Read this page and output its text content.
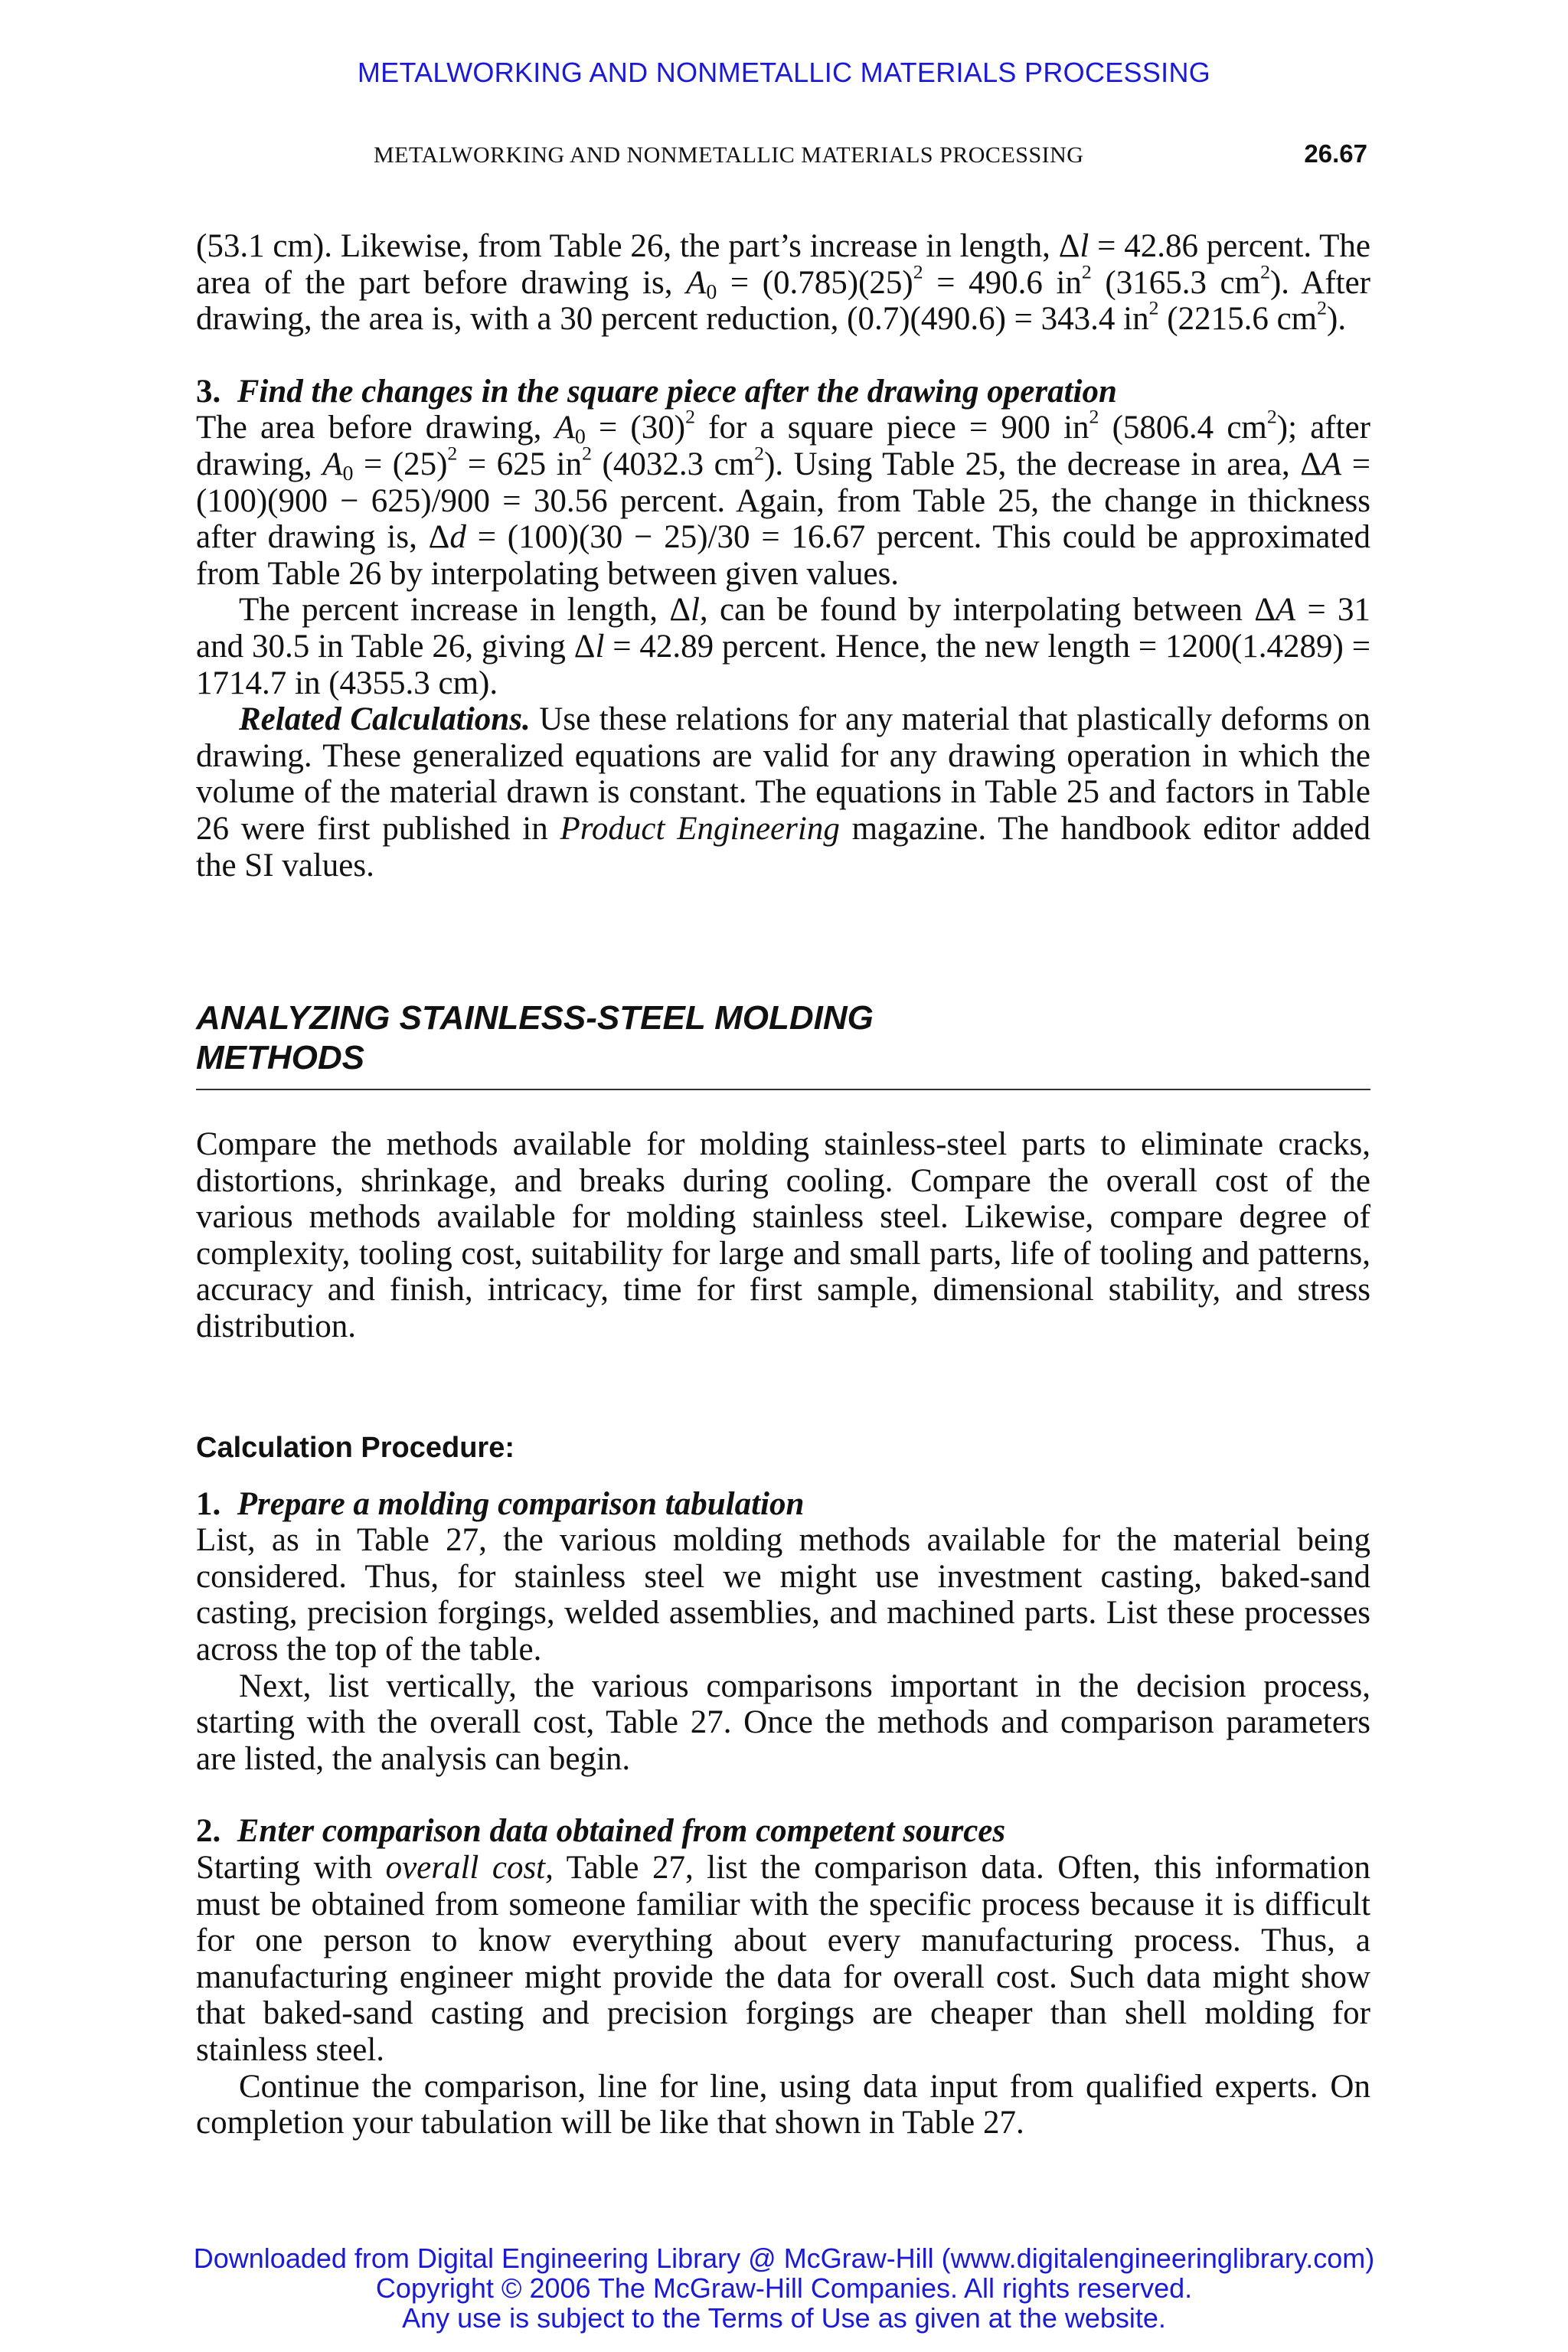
METALWORKING AND NONMETALLIC MATERIALS PROCESSING
METALWORKING AND NONMETALLIC MATERIALS PROCESSING	26.67

(53.1 cm). Likewise, from Table 26, the part’s increase in length, Δl = 42.86 percent. The area of the part before drawing is, $A_0 = (0.785)(25)^2 = 490.6$ $in^2$ (3165.3 $cm^2$). After drawing, the area is, with a 30 percent reduction, (0.7)(490.6) = 343.4 $in^2$ (2215.6 $cm^2$).

3. Find the changes in the square piece after the drawing operation

The area before drawing, $A_0 = (30)^2$ for a square piece = 900 $in^2$ (5806.4 $cm^2$); after drawing, $A_0 = (25)^2 = 625$ $in^2$ (4032.3 $cm^2$). Using Table 25, the decrease in area, ΔA = (100)(900 − 625)/900 = 30.56 percent. Again, from Table 25, the change in thickness after drawing is, Δd = (100)(30 − 25)/30 = 16.67 percent. This could be approximated from Table 26 by interpolating between given values.

The percent increase in length, Δl, can be found by interpolating between ΔA = 31 and 30.5 in Table 26, giving Δl = 42.89 percent. Hence, the new length = 1200(1.4289) = 1714.7 in (4355.3 cm).

Related Calculations. Use these relations for any material that plastically deforms on drawing. These generalized equations are valid for any drawing operation in which the volume of the material drawn is constant. The equations in Table 25 and factors in Table 26 were first published in Product Engineering magazine. The handbook editor added the SI values.

ANALYZING STAINLESS-STEEL MOLDING
METHODS

Compare the methods available for molding stainless-steel parts to eliminate cracks, distortions, shrinkage, and breaks during cooling. Compare the overall cost of the various methods available for molding stainless steel. Likewise, compare degree of complexity, tooling cost, suitability for large and small parts, life of tooling and patterns, accuracy and finish, intricacy, time for first sample, dimensional stability, and stress distribution.

Calculation Procedure:

1. Prepare a molding comparison tabulation

List, as in Table 27, the various molding methods available for the material being considered. Thus, for stainless steel we might use investment casting, baked-sand casting, precision forgings, welded assemblies, and machined parts. List these processes across the top of the table.

Next, list vertically, the various comparisons important in the decision process, starting with the overall cost, Table 27. Once the methods and comparison parameters are listed, the analysis can begin.

2. Enter comparison data obtained from competent sources

Starting with overall cost, Table 27, list the comparison data. Often, this information must be obtained from someone familiar with the specific process because it is difficult for one person to know everything about every manufacturing process. Thus, a manufacturing engineer might provide the data for overall cost. Such data might show that baked-sand casting and precision forgings are cheaper than shell molding for stainless steel.

Continue the comparison, line for line, using data input from qualified experts. On completion your tabulation will be like that shown in Table 27.

Downloaded from Digital Engineering Library @ McGraw-Hill (www.digitalengineeringlibrary.com)
Copyright © 2006 The McGraw-Hill Companies. All rights reserved.
Any use is subject to the Terms of Use as given at the website.
